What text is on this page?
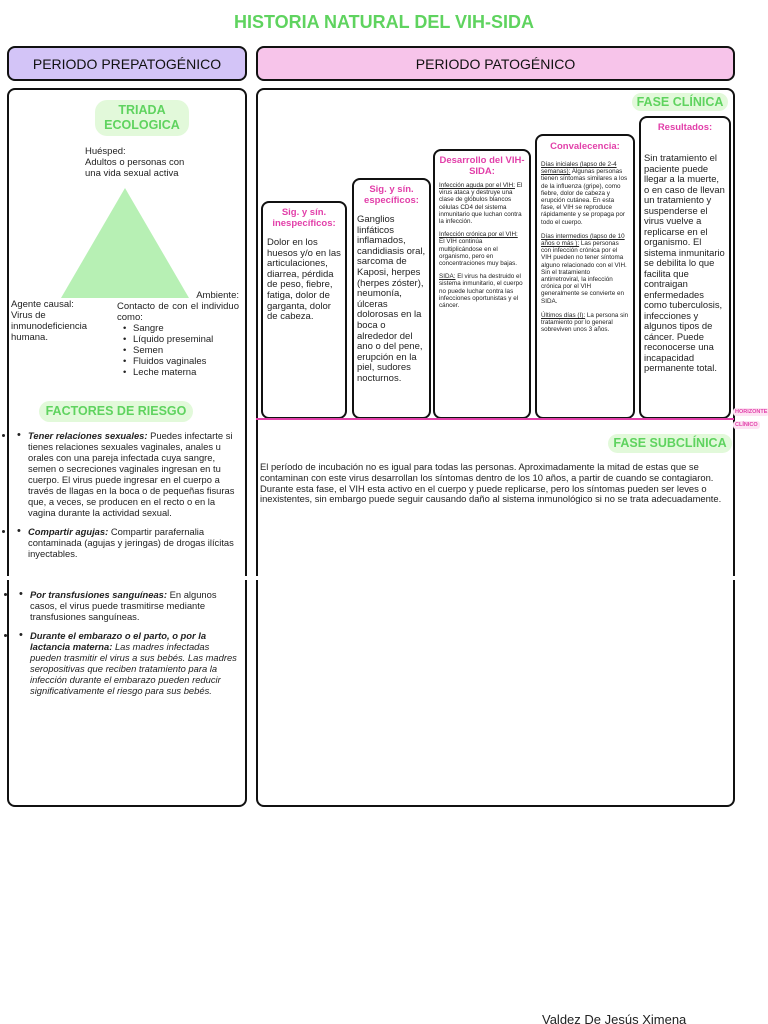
HISTORIA NATURAL DEL VIH-SIDA
PERIODO PREPATOGÉNICO	PERIODO PATOGÉNICO
TRIADA
ECOLOGICA
Huésped:
Adultos o personas con una vida sexual activa
Agente causal:
Virus de inmunodeficiencia humana.
Ambiente:
Contacto de con el individuo como:
• Sangre
• Líquido preseminal
• Semen
• Fluidos vaginales
• Leche materna
FACTORES DE RIESGO
• • Tener relaciones sexuales: Puedes infectarte si tienes relaciones sexuales vaginales, anales u orales con una pareja infectada cuya sangre, semen o secreciones vaginales ingresan en tu cuerpo. El virus puede ingresar en el cuerpo a través de llagas en la boca o de pequeñas fisuras que, a veces, se producen en el recto o en la vagina durante la actividad sexual.
• • Compartir agujas: Compartir parafernalia contaminada (agujas y jeringas) de drogas ilícitas inyectables.
• • Por transfusiones sanguíneas: En algunos casos, el virus puede trasmitirse mediante transfusiones sanguíneas.
• • Durante el embarazo o el parto, o por la lactancia materna: Las madres infectadas pueden trasmitir el virus a sus bebés. Las madres seropositivas que reciben tratamiento para la infección durante el embarazo pueden reducir significativamente el riesgo para sus bebés.
FASE CLÍNICA
Sig. y sín. inespecíficos:
Dolor en los huesos y/o en las articulaciones, diarrea, pérdida de peso, fiebre, fatiga, dolor de garganta, dolor de cabeza.
Sig. y sín. específicos:
Ganglios linfáticos inflamados, candidiasis oral, sarcoma de Kaposi, herpes (herpes zóster), neumonía, úlceras dolorosas en la boca o alrededor del ano o del pene, erupción en la piel, sudores nocturnos.
Desarrollo del VIH-SIDA:
Infección aguda por el VIH: El virus ataca y destruye una clase de glóbulos blancos células CD4 del sistema inmunitario que luchan contra la infección.
Infección crónica por el VIH: El VIH continúa multiplicándose en el organismo, pero en concentraciones muy bajas.
SIDA: El virus ha destruido el sistema inmunitario, el cuerpo no puede luchar contra las infecciones oportunistas y el cáncer.
Convalecencia:
Días iniciales (lapso de 2-4 semanas): Algunas personas tienen síntomas similares a los de la influenza (gripe), como fiebre, dolor de cabeza y erupción cutánea. En esta fase, el VIH se reproduce rápidamente y se propaga por todo el cuerpo.
Días intermedios (lapso de 10 años o más ): Las personas con infección crónica por el VIH pueden no tener síntoma alguno relacionado con el VIH. Sin el tratamiento antirretroviral, la infección crónica por el VIH generalmente se convierte en SIDA.
Últimos días (I): La persona sin tratamiento por lo general sobreviven unos 3 años.
Resultados:
Sin tratamiento el paciente puede llegar a la muerte, o en caso de llevan un tratamiento y suspenderse el virus vuelve a replicarse en el organismo. El sistema inmunitario se debilita lo que facilita que contraigan enfermedades como tuberculosis, infecciones y algunos tipos de cáncer. Puede reconocerse una incapacidad permanente total.
FASE SUBCLÍNICA
El período de incubación no es igual para todas las personas. Aproximadamente la mitad de estas que se contaminan con este virus desarrollan los síntomas dentro de los 10 años, a partir de cuando se contagiaron. Durante esta fase, el VIH esta activo en el cuerpo y puede replicarse, pero los síntomas pueden ser leves o inexistentes, sin embargo puede seguir causando daño al sistema inmunológico si no se trata adecuadamente.
HORIZONTE
CLÍNICO
Valdez De Jesús Ximena
